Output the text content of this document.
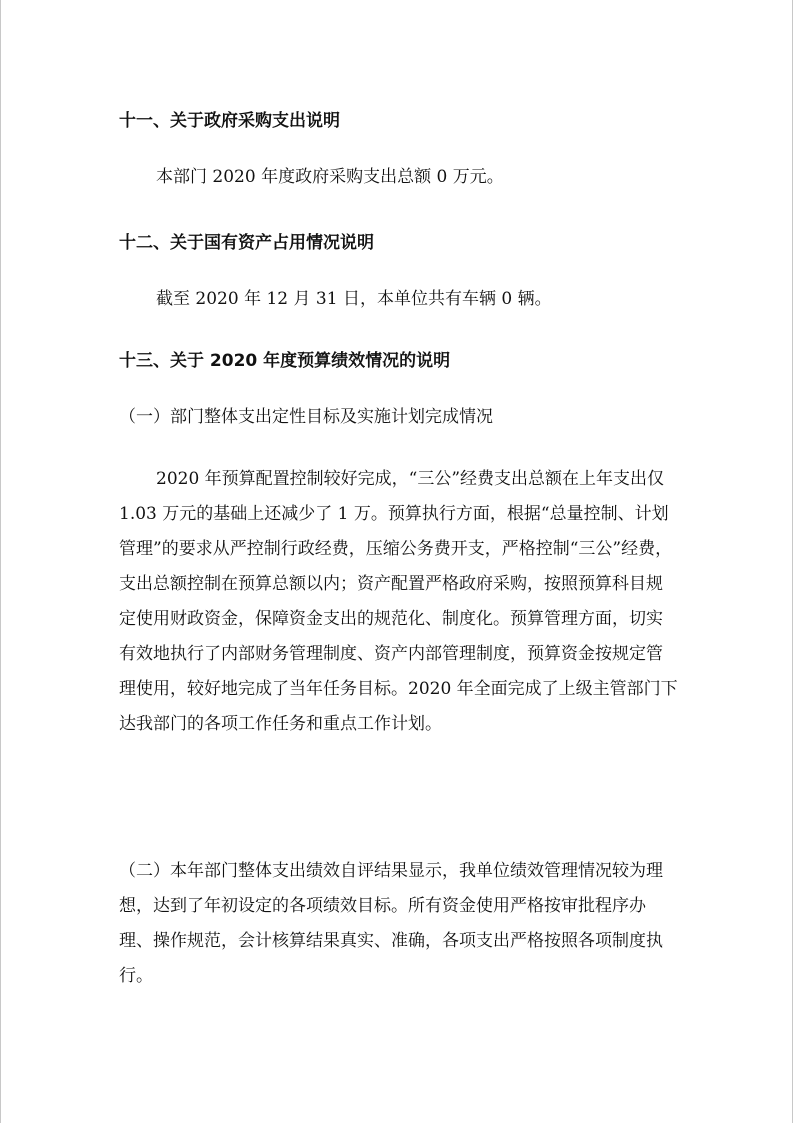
十一、关于政府采购支出说明

本部门 2020 年度政府采购支出总额 0 万元。

十二、关于国有资产占用情况说明

截至 2020 年 12 月 31 日，本单位共有车辆 0 辆。

十三、关于 2020 年度预算绩效情况的说明

（一）部门整体支出定性目标及实施计划完成情况

2020 年预算配置控制较好完成，“三公”经费支出总额在上年支出仅 1.03 万元的基础上还减少了 1 万。预算执行方面，根据“总量控制、计划管理”的要求从严控制行政经费，压缩公务费开支，严格控制“三公”经费，支出总额控制在预算总额以内；资产配置严格政府采购，按照预算科目规定使用财政资金，保障资金支出的规范化、制度化。预算管理方面，切实有效地执行了内部财务管理制度、资产内部管理制度，预算资金按规定管理使用，较好地完成了当年任务目标。2020 年全面完成了上级主管部门下达我部门的各项工作任务和重点工作计划。

（二）本年部门整体支出绩效自评结果显示，我单位绩效管理情况较为理想，达到了年初设定的各项绩效目标。所有资金使用严格按审批程序办理、操作规范，会计核算结果真实、准确，各项支出严格按照各项制度执行。
